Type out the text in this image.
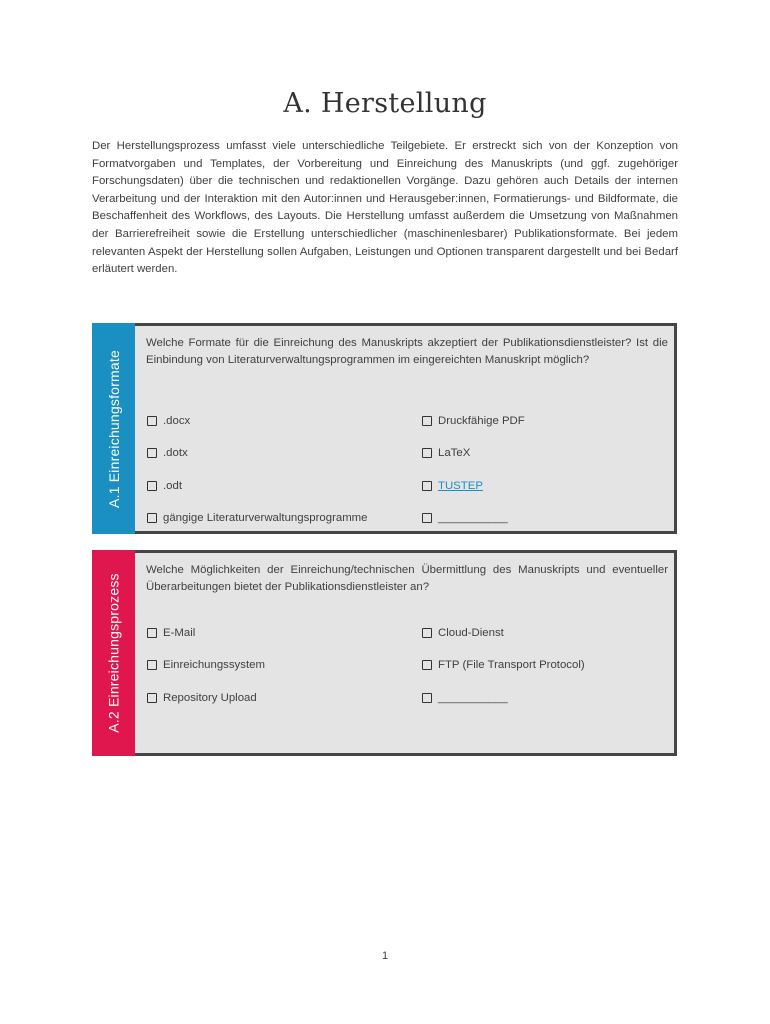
A. Herstellung
Der Herstellungsprozess umfasst viele unterschiedliche Teilgebiete. Er erstreckt sich von der Konzeption von Formatvorgaben und Templates, der Vorbereitung und Einreichung des Manuskripts (und ggf. zugehöriger Forschungsdaten) über die technischen und redaktionellen Vorgänge. Dazu gehören auch Details der internen Verarbeitung und der Interaktion mit den Autor:innen und Herausgeber:innen, Formatierungs- und Bildformate, die Beschaffenheit des Workflows, des Layouts. Die Herstellung umfasst außerdem die Umsetzung von Maßnahmen der Barrierefreiheit sowie die Erstellung unterschiedlicher (maschinenlesbarer) Publikationsformate. Bei jedem relevanten Aspekt der Herstellung sollen Aufgaben, Leistungen und Optionen transparent dargestellt und bei Bedarf erläutert werden.
A.1 Einreichungsformate
Welche Formate für die Einreichung des Manuskripts akzeptiert der Publikationsdienstleister? Ist die Einbindung von Literaturverwaltungsprogrammen im eingereichten Manuskript möglich?
.docx	Druckfähige PDF
.dotx	LaTeX
.odt	TUSTEP
gängige Literaturverwaltungsprogramme	___________
A.2 Einreichungsprozess
Welche Möglichkeiten der Einreichung/technischen Übermittlung des Manuskripts und eventueller Überarbeitungen bietet der Publikationsdienstleister an?
E-Mail	Cloud-Dienst
Einreichungssystem	FTP (File Transport Protocol)
Repository Upload	___________
1
